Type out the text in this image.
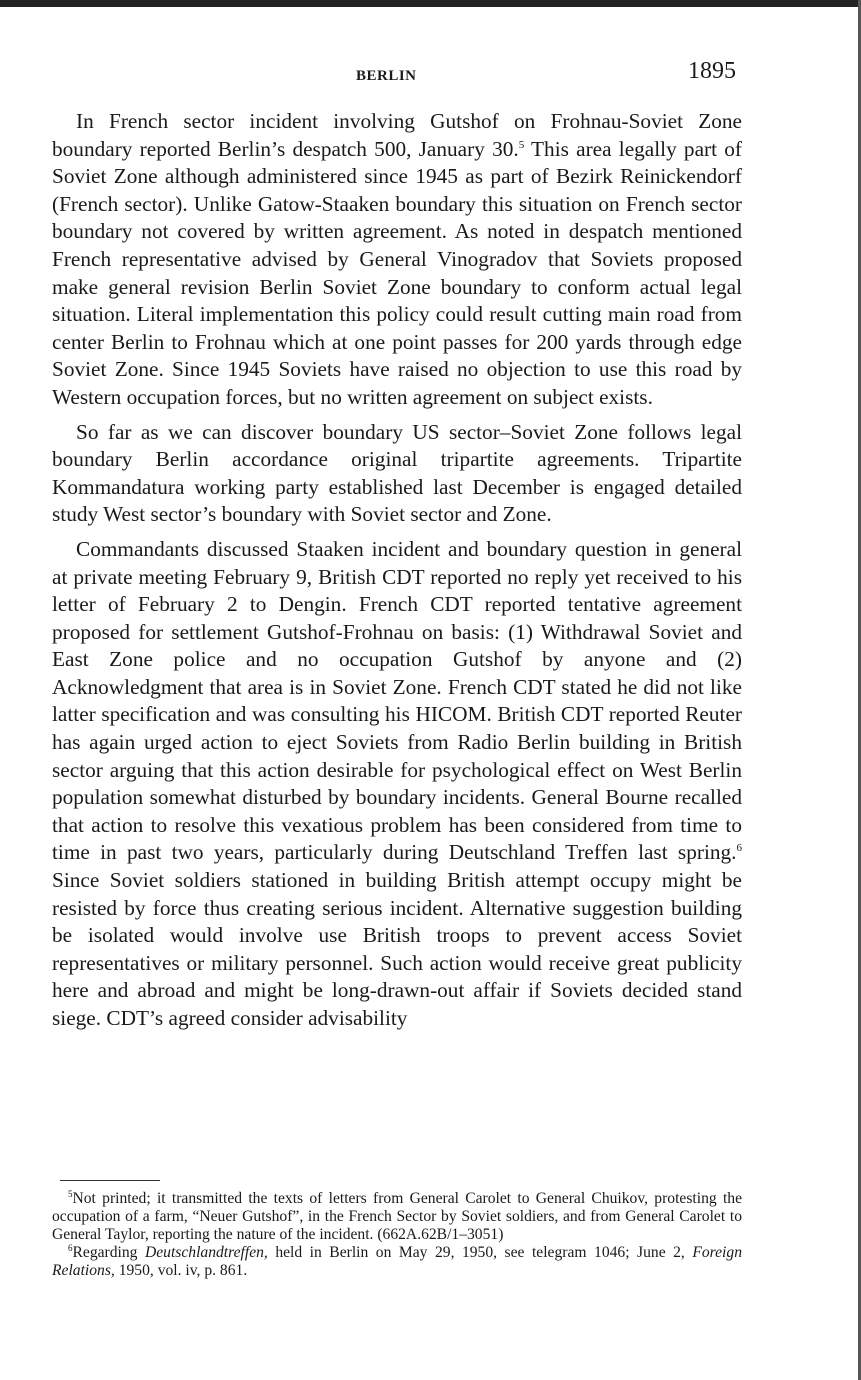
BERLIN	1895

In French sector incident involving Gutshof on Frohnau-Soviet Zone boundary reported Berlin’s despatch 500, January 30.$^5$ This area legally part of Soviet Zone although administered since 1945 as part of Bezirk Reinickendorf (French sector). Unlike Gatow-Staaken boundary this situation on French sector boundary not covered by written agreement. As noted in despatch mentioned French representative advised by General Vinogradov that Soviets proposed make general revision Berlin Soviet Zone boundary to conform actual legal situation. Literal implementation this policy could result cutting main road from center Berlin to Frohnau which at one point passes for 200 yards through edge Soviet Zone. Since 1945 Soviets have raised no objection to use this road by Western occupation forces, but no written agreement on subject exists.

So far as we can discover boundary US sector–Soviet Zone follows legal boundary Berlin accordance original tripartite agreements. Tripartite Kommandatura working party established last December is engaged detailed study West sector’s boundary with Soviet sector and Zone.

Commandants discussed Staaken incident and boundary question in general at private meeting February 9, British CDT reported no reply yet received to his letter of February 2 to Dengin. French CDT reported tentative agreement proposed for settlement Gutshof-Frohnau on basis: (1) Withdrawal Soviet and East Zone police and no occupation Gutshof by anyone and (2) Acknowledgment that area is in Soviet Zone. French CDT stated he did not like latter specification and was consulting his HICOM. British CDT reported Reuter has again urged action to eject Soviets from Radio Berlin building in British sector arguing that this action desirable for psychological effect on West Berlin population somewhat disturbed by boundary incidents. General Bourne recalled that action to resolve this vexatious problem has been considered from time to time in past two years, particularly during Deutschland Treffen last spring.$^6$ Since Soviet soldiers stationed in building British attempt occupy might be resisted by force thus creating serious incident. Alternative suggestion building be isolated would involve use British troops to prevent access Soviet representatives or military personnel. Such action would receive great publicity here and abroad and might be long-drawn-out affair if Soviets decided stand siege. CDT’s agreed consider advisability

$^5$Not printed; it transmitted the texts of letters from General Carolet to General Chuikov, protesting the occupation of a farm, “Neuer Gutshof”, in the French Sector by Soviet soldiers, and from General Carolet to General Taylor, reporting the nature of the incident. (662A.62B/1–3051)

$^6$Regarding Deutschlandtreffen, held in Berlin on May 29, 1950, see telegram 1046; June 2, Foreign Relations, 1950, vol. iv, p. 861.
